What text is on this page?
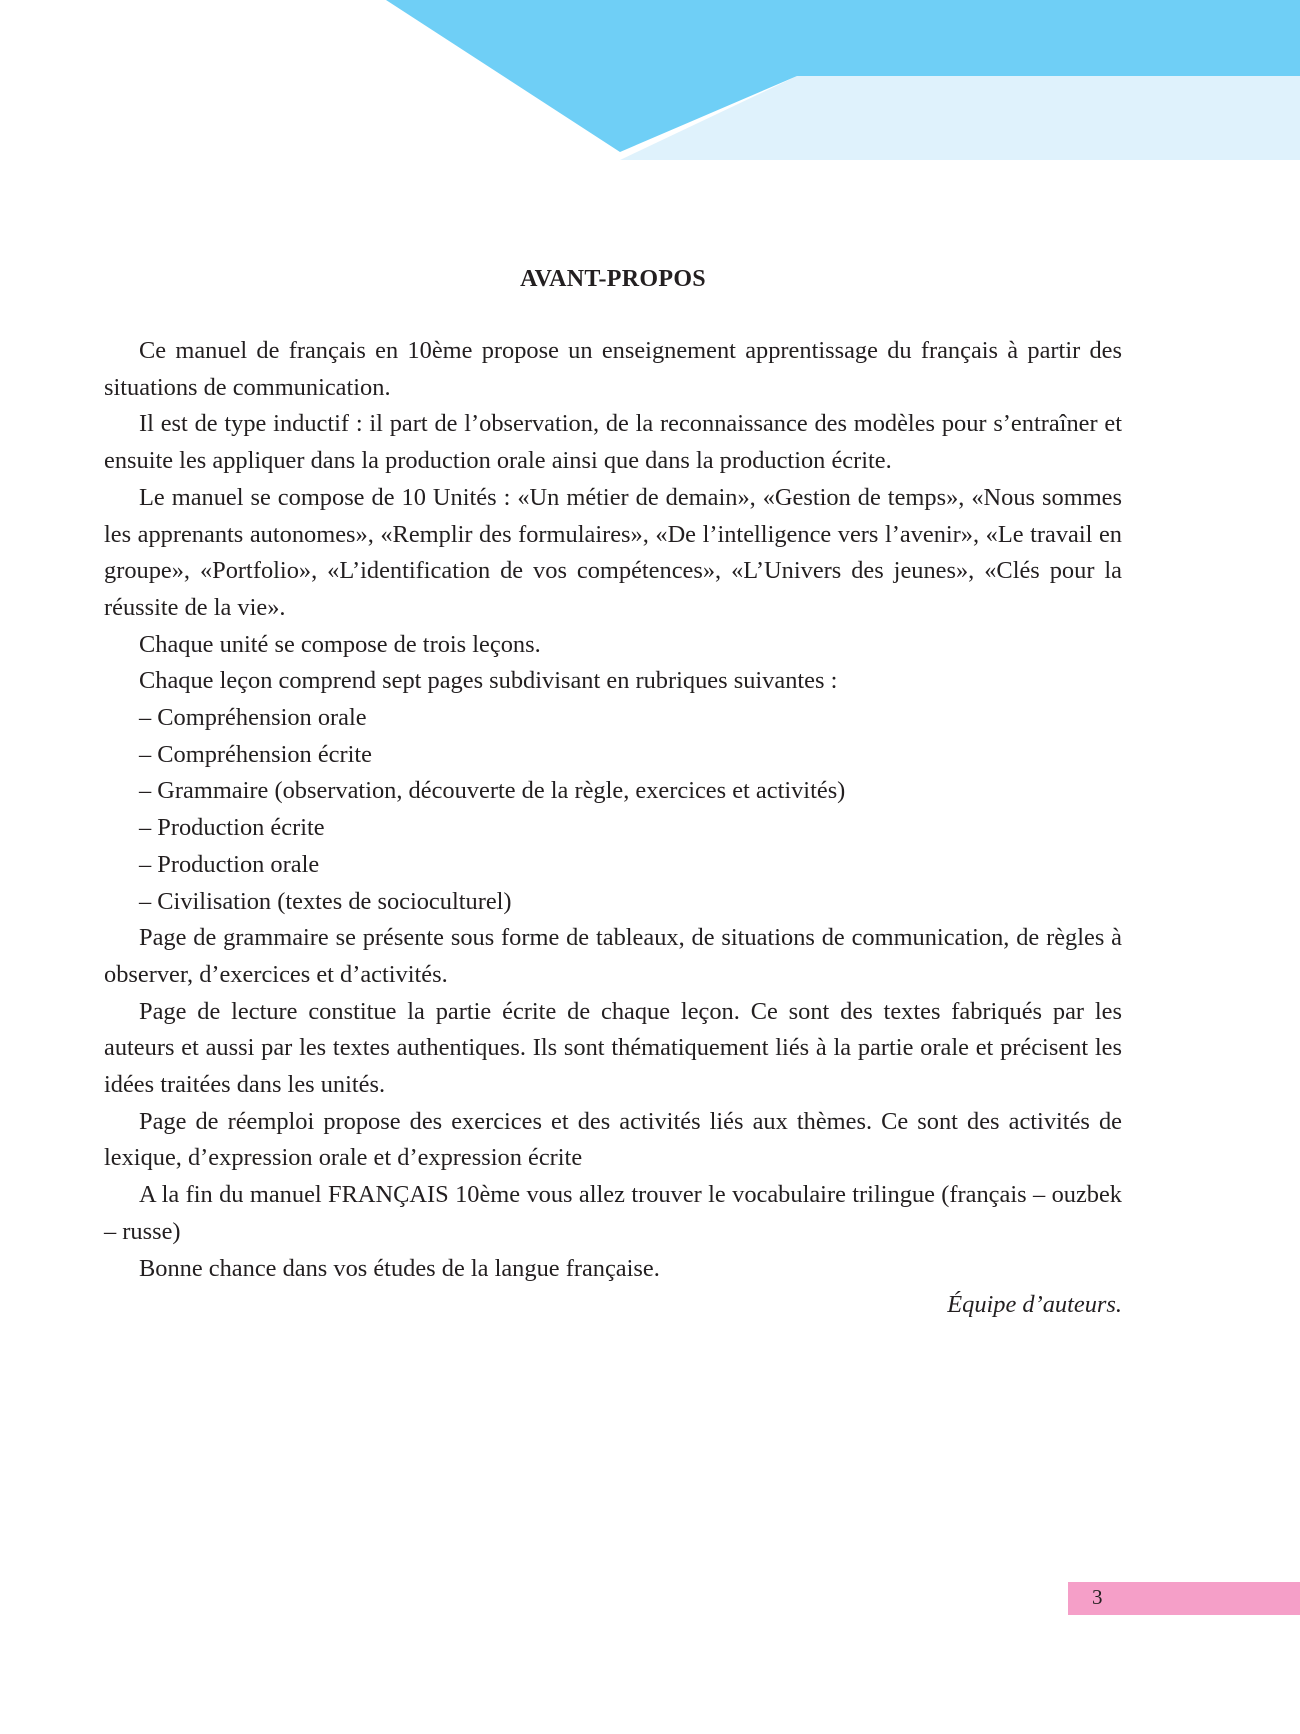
AVANT-PROPOS

Ce manuel de français en 10ème propose un enseignement apprentissage du français à partir des situations de communication.

Il est de type inductif : il part de l’observation, de la reconnaissance des modèles pour s’entraîner et ensuite les appliquer dans la production orale ainsi que dans la production écrite.

Le manuel se compose de 10 Unités : «Un métier de demain», «Gestion de temps», «Nous sommes les apprenants autonomes», «Remplir des formulaires», «De l’intelligence vers l’avenir», «Le travail en groupe», «Portfolio», «L’identification de vos compétences», «L’Univers des jeunes», «Clés pour la réussite de la vie».

Chaque unité se compose de trois leçons.

Chaque leçon comprend sept pages subdivisant en rubriques suivantes :

– Compréhension orale

– Compréhension écrite

– Grammaire (observation, découverte de la règle, exercices et activités)

– Production écrite

– Production orale

– Civilisation (textes de socioculturel)

Page de grammaire se présente sous forme de tableaux, de situations de communication, de règles à observer, d’exercices et d’activités.

Page de lecture constitue la partie écrite de chaque leçon. Ce sont des textes fabriqués par les auteurs et aussi par les textes authentiques. Ils sont thématiquement liés à la partie orale et précisent les idées traitées dans les unités.

Page de réemploi propose des exercices et des activités liés aux thèmes. Ce sont des activités de lexique, d’expression orale et d’expression écrite

A la fin du manuel FRANÇAIS 10ème vous allez trouver le vocabulaire trilingue (français – ouzbek – russe)

Bonne chance dans vos études de la langue française.

Équipe d’auteurs.

3
